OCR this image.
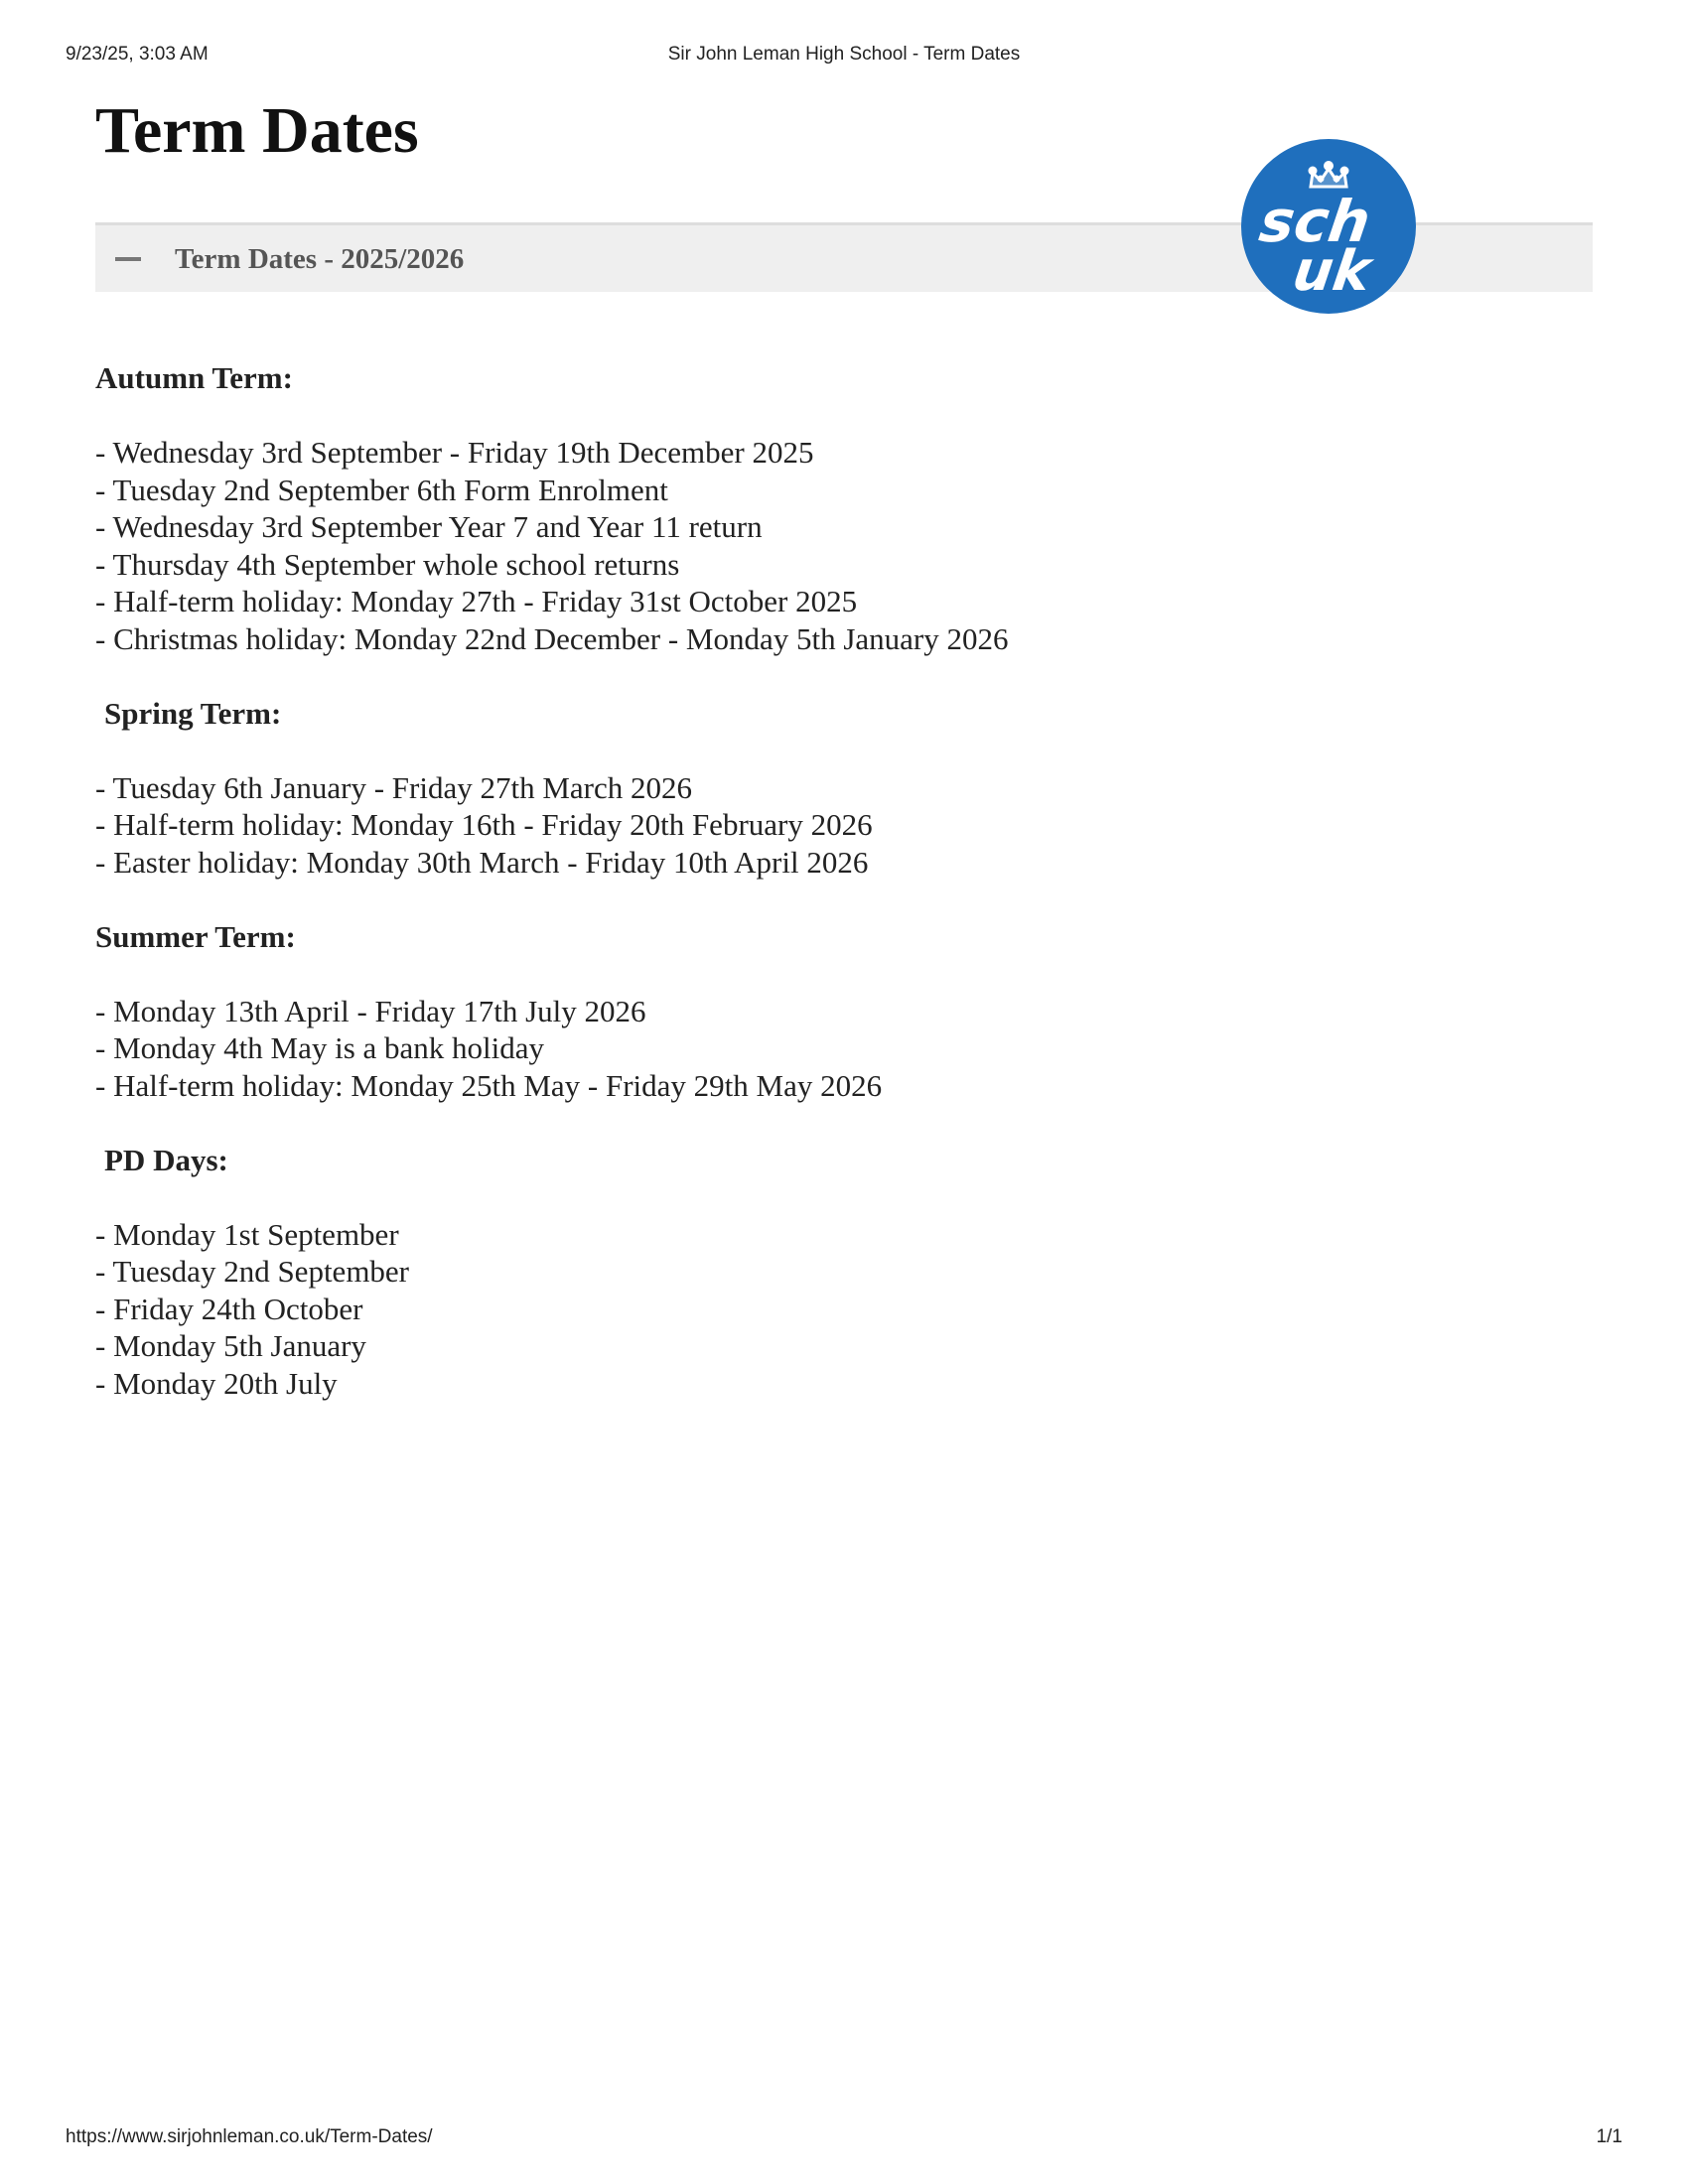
9/23/25, 3:03 AM	Sir John Leman High School - Term Dates
Term Dates
Term Dates - 2025/2026
sch
uk

Autumn Term:

- Wednesday 3rd September - Friday 19th December 2025
- Tuesday 2nd September 6th Form Enrolment
- Wednesday 3rd September Year 7 and Year 11 return
- Thursday 4th September whole school returns
- Half-term holiday: Monday 27th - Friday 31st October 2025
- Christmas holiday: Monday 22nd December - Monday 5th January 2026

Spring Term:

- Tuesday 6th January - Friday 27th March 2026
- Half-term holiday: Monday 16th - Friday 20th February 2026
- Easter holiday: Monday 30th March - Friday 10th April 2026

Summer Term:

- Monday 13th April - Friday 17th July 2026
- Monday 4th May is a bank holiday
- Half-term holiday: Monday 25th May - Friday 29th May 2026

PD Days:

- Monday 1st September
- Tuesday 2nd September
- Friday 24th October
- Monday 5th January
- Monday 20th July
https://www.sirjohnleman.co.uk/Term-Dates/	1/1
